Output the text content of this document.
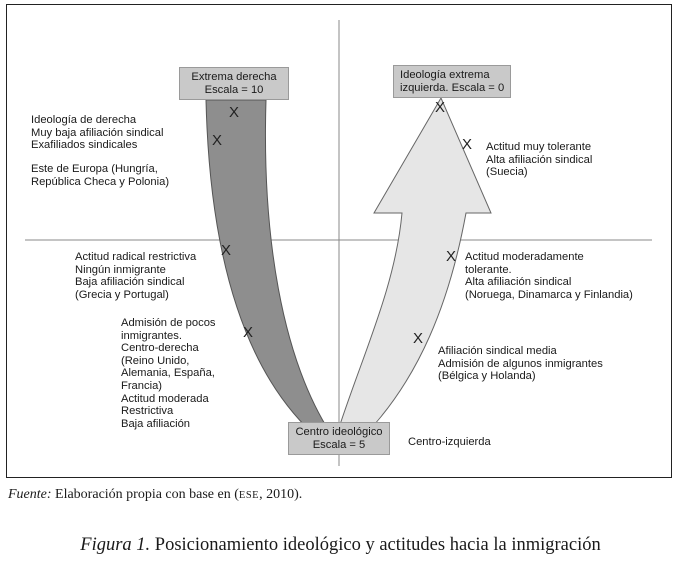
Extrema derecha
Escala = 10
Ideología extrema
izquierda. Escala = 0
Centro ideológico
Escala = 5
X
X
X
X
X
X
X
X
Ideología de derecha
Muy baja afiliación sindical
Exafiliados sindicales
Este de Europa (Hungría,
República Checa y Polonia)
Actitud radical restrictiva
Ningún inmigrante
Baja afiliación sindical
(Grecia y Portugal)
Admisión de pocos
inmigrantes.
Centro-derecha
(Reino Unido,
Alemania, España,
Francia)
Actitud moderada
Restrictiva
Baja afiliación
Actitud muy tolerante
Alta afiliación sindical
(Suecia)
Actitud moderadamente
tolerante.
Alta afiliación sindical
(Noruega, Dinamarca y Finlandia)
Afiliación sindical media
Admisión de algunos inmigrantes
(Bélgica y Holanda)
Centro-izquierda
Fuente: Elaboración propia con base en (ESE, 2010).
Figura 1. Posicionamiento ideológico y actitudes hacia la inmigración
